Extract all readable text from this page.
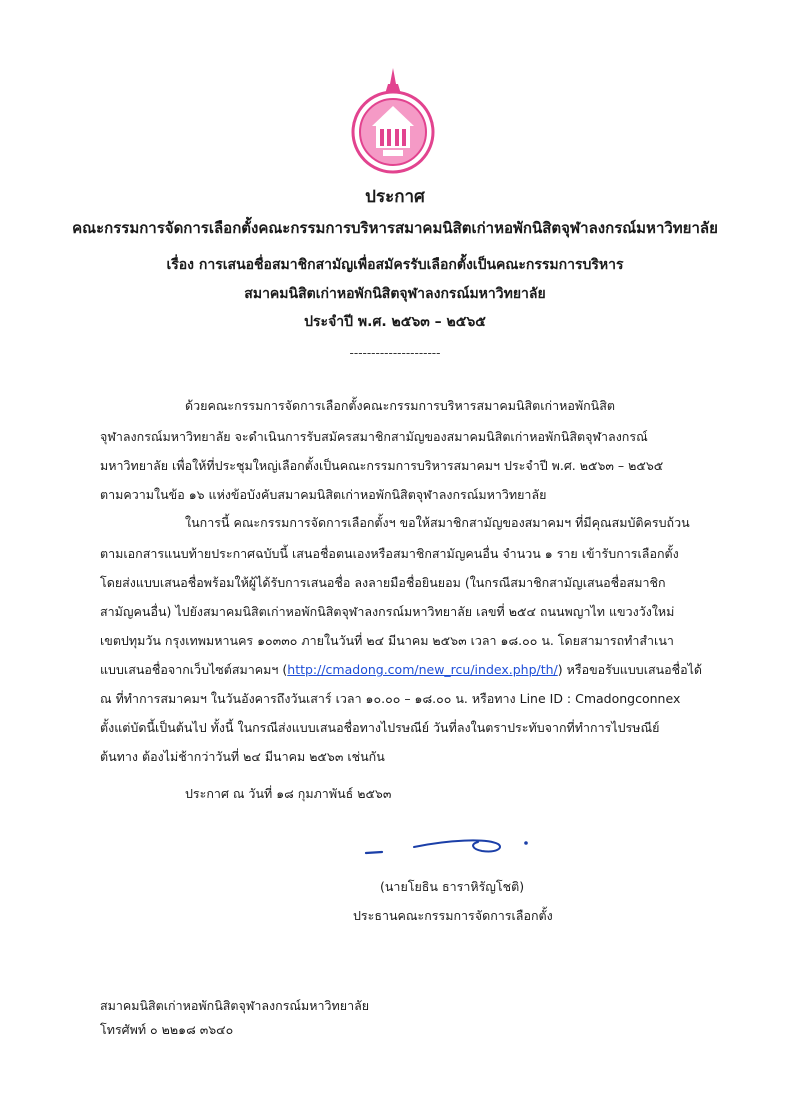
ประกาศ
คณะกรรมการจัดการเลือกตั้งคณะกรรมการบริหารสมาคมนิสิตเก่าหอพักนิสิตจุฬาลงกรณ์มหาวิทยาลัย
เรื่อง การเสนอชื่อสมาชิกสามัญเพื่อสมัครรับเลือกตั้งเป็นคณะกรรมการบริหาร
สมาคมนิสิตเก่าหอพักนิสิตจุฬาลงกรณ์มหาวิทยาลัย
ประจำปี พ.ศ. ๒๕๖๓ – ๒๕๖๕
---------------------
ด้วยคณะกรรมการจัดการเลือกตั้งคณะกรรมการบริหารสมาคมนิสิตเก่าหอพักนิสิต
จุฬาลงกรณ์มหาวิทยาลัย จะดำเนินการรับสมัครสมาชิกสามัญของสมาคมนิสิตเก่าหอพักนิสิตจุฬาลงกรณ์
มหาวิทยาลัย เพื่อให้ที่ประชุมใหญ่เลือกตั้งเป็นคณะกรรมการบริหารสมาคมฯ ประจำปี พ.ศ. ๒๕๖๓ – ๒๕๖๕
ตามความในข้อ ๑๖ แห่งข้อบังคับสมาคมนิสิตเก่าหอพักนิสิตจุฬาลงกรณ์มหาวิทยาลัย
ในการนี้ คณะกรรมการจัดการเลือกตั้งฯ ขอให้สมาชิกสามัญของสมาคมฯ ที่มีคุณสมบัติครบถ้วน
ตามเอกสารแนบท้ายประกาศฉบับนี้ เสนอชื่อตนเองหรือสมาชิกสามัญคนอื่น จำนวน ๑ ราย เข้ารับการเลือกตั้ง
โดยส่งแบบเสนอชื่อพร้อมให้ผู้ได้รับการเสนอชื่อ ลงลายมือชื่อยินยอม (ในกรณีสมาชิกสามัญเสนอชื่อสมาชิก
สามัญคนอื่น) ไปยังสมาคมนิสิตเก่าหอพักนิสิตจุฬาลงกรณ์มหาวิทยาลัย เลขที่ ๒๕๔ ถนนพญาไท แขวงวังใหม่
เขตปทุมวัน กรุงเทพมหานคร ๑๐๓๓๐ ภายในวันที่ ๒๔ มีนาคม ๒๕๖๓ เวลา ๑๘.๐๐ น. โดยสามารถทำสำเนา
แบบเสนอชื่อจากเว็บไซต์สมาคมฯ (http://cmadong.com/new_rcu/index.php/th/) หรือขอรับแบบเสนอชื่อได้
ณ ที่ทำการสมาคมฯ ในวันอังคารถึงวันเสาร์ เวลา ๑๐.๐๐ – ๑๘.๐๐ น. หรือทาง Line ID : Cmadongconnex
ตั้งแต่บัดนี้เป็นต้นไป ทั้งนี้ ในกรณีส่งแบบเสนอชื่อทางไปรษณีย์ วันที่ลงในตราประทับจากที่ทำการไปรษณีย์
ต้นทาง ต้องไม่ช้ากว่าวันที่ ๒๔ มีนาคม ๒๕๖๓ เช่นกัน
ประกาศ ณ วันที่ ๑๘ กุมภาพันธ์ ๒๕๖๓
(นายโยธิน ธาราหิรัญโชติ)
ประธานคณะกรรมการจัดการเลือกตั้ง
สมาคมนิสิตเก่าหอพักนิสิตจุฬาลงกรณ์มหาวิทยาลัย
โทรศัพท์ ๐ ๒๒๑๘ ๓๖๔๐
